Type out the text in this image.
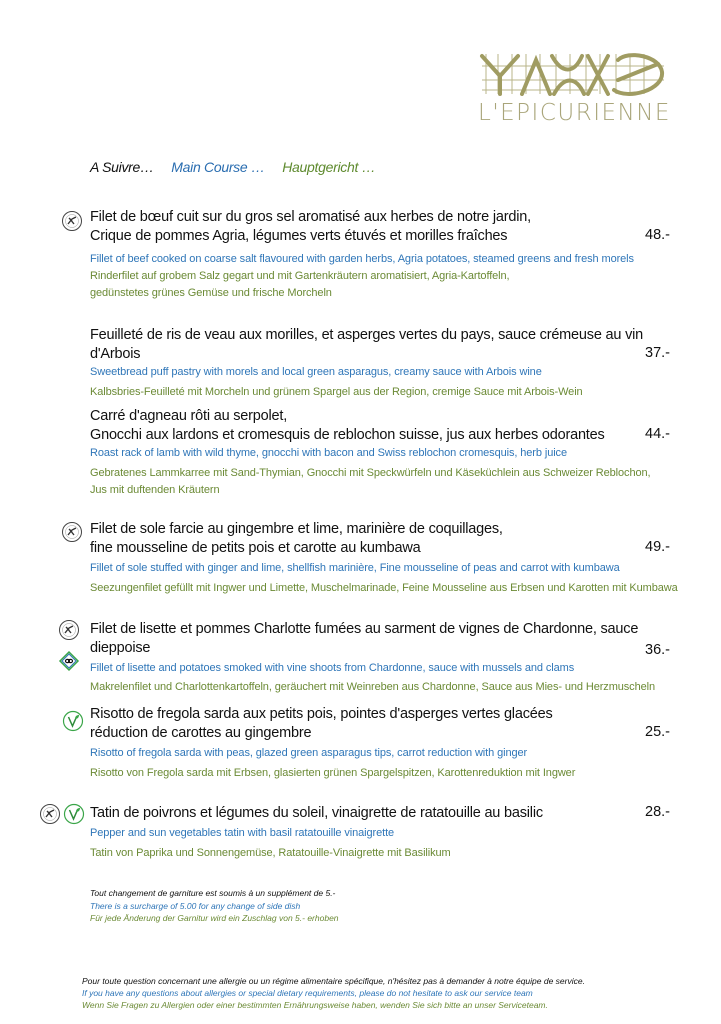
L'EPICURIENNE
A Suivre… Main Course … Hauptgericht …
Filet de bœuf cuit sur du gros sel aromatisé aux herbes de notre jardin,
Crique de pommes Agria, légumes verts étuvés et morilles fraîches
Fillet of beef cooked on coarse salt flavoured with garden herbs, Agria potatoes, steamed greens and fresh morels
Rinderfilet auf grobem Salz gegart und mit Gartenkräutern aromatisiert, Agria-Kartoffeln,
gedünstetes grünes Gemüse und frische Morcheln
48.-
Feuilleté de ris de veau aux morilles, et asperges vertes du pays, sauce crémeuse au vin d'Arbois
Sweetbread puff pastry with morels and local green asparagus, creamy sauce with Arbois wine
Kalbsbries-Feuilleté mit Morcheln und grünem Spargel aus der Region, cremige Sauce mit Arbois-Wein
37.-
Carré d'agneau rôti au serpolet,
Gnocchi aux lardons et cromesquis de reblochon suisse, jus aux herbes odorantes
Roast rack of lamb with wild thyme, gnocchi with bacon and Swiss reblochon cromesquis, herb juice
Gebratenes Lammkarree mit Sand-Thymian, Gnocchi mit Speckwürfeln und Käseküchlein aus Schweizer Reblochon,
Jus mit duftenden Kräutern
44.-
Filet de sole farcie au gingembre et lime, marinière de coquillages,
fine mousseline de petits pois et carotte au kumbawa
Fillet of sole stuffed with ginger and lime, shellfish marinière, Fine mousseline of peas and carrot with kumbawa
Seezungenfilet gefüllt mit Ingwer und Limette, Muschelmarinade, Feine Mousseline aus Erbsen und Karotten mit Kumbawa
49.-
Filet de lisette et pommes Charlotte fumées au sarment de vignes de Chardonne, sauce dieppoise
Fillet of lisette and potatoes smoked with vine shoots from Chardonne, sauce with mussels and clams
Makrelenfilet und Charlottenkartoffeln, geräuchert mit Weinreben aus Chardonne, Sauce aus Mies- und Herzmuscheln
36.-
Risotto de fregola sarda aux petits pois, pointes d'asperges vertes glacées
réduction de carottes au gingembre
Risotto of fregola sarda with peas, glazed green asparagus tips, carrot reduction with ginger
Risotto von Fregola sarda mit Erbsen, glasierten grünen Spargelspitzen, Karottenreduktion mit Ingwer
25.-
Tatin de poivrons et légumes du soleil, vinaigrette de ratatouille au basilic
Pepper and sun vegetables tatin with basil ratatouille vinaigrette
Tatin von Paprika und Sonnengemüse, Ratatouille-Vinaigrette mit Basilikum
28.-
Tout changement de garniture est soumis à un supplément de 5.-
There is a surcharge of 5.00 for any change of side dish
Für jede Änderung der Garnitur wird ein Zuschlag von 5.- erhoben
Pour toute question concernant une allergie ou un régime alimentaire spécifique, n'hésitez pas à demander à notre équipe de service.
If you have any questions about allergies or special dietary requirements, please do not hesitate to ask our service team
Wenn Sie Fragen zu Allergien oder einer bestimmten Ernährungsweise haben, wenden Sie sich bitte an unser Serviceteam.
